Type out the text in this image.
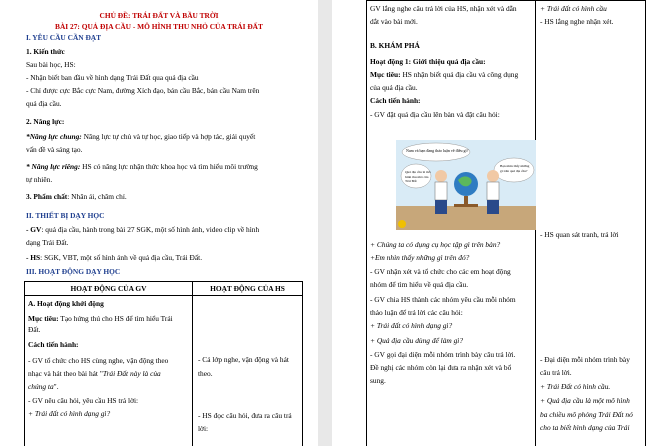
CHỦ ĐỀ: TRÁI ĐẤT VÀ BẦU TRỜI
BÀI 27: QUẢ ĐỊA CẦU - MÔ HÌNH THU NHỎ CỦA TRÁI ĐẤT
I. YÊU CẦU CẦN ĐẠT
1. Kiến thức
Sau bài học, HS:
- Nhận biết ban đầu về hình dạng Trái Đất qua quả địa cầu
- Chỉ được cực Bắc cực Nam, đường Xích đạo, bán cầu Bắc, bán cầu Nam trên
quả địa cầu.
2. Năng lực:
*Năng lực chung: Năng lực tự chủ và tự học, giao tiếp và hợp tác, giải quyết
vấn đề và sáng tạo.
* Năng lực riêng: HS có năng lực nhận thức khoa học và tìm hiểu môi trường
tự nhiên.
3. Phẩm chất: Nhân ái, chăm chỉ.
II. THIẾT BỊ DẠY HỌC
- GV: quả địa cầu, hành trong bài 27 SGK, một số hình ảnh, video clip về hình
dạng Trái Đất.
- HS: SGK, VBT, một số hình ảnh về quả địa cầu, Trái Đất.
III. HOẠT ĐỘNG DẠY HỌC
HOẠT ĐỘNG CỦA GV	HOẠT ĐỘNG CỦA HS
A. Hoạt động khởi động
Mục tiêu: Tạo hứng thú cho HS để tìm hiểu Trái
Đất.
Cách tiến hành:
- GV tổ chức cho HS cùng nghe, vận động theo
nhạc và hát theo bài hát "Trái Đất này là của
chúng ta".
- GV nêu câu hỏi, yêu cầu HS trả lời:
+ Trái đất có hình dạng gì?
- Cả lớp nghe, vận động và hát
theo.
- HS đọc câu hỏi, đưa ra câu trả
lời:
GV lắng nghe câu trả lời của HS, nhận xét và dẫn
dắt vào bài mới.
+ Trái đất có hình cầu
- HS lắng nghe nhận xét.
B. KHÁM PHÁ
Hoạt động 1: Giới thiệu quả địa cầu:
Mục tiêu: HS nhận biết quả địa cầu và công dụng
của quả địa cầu.
Cách tiến hành:
- GV đặt quả địa cầu lên bàn và đặt câu hỏi:
Nam và bạn đang thảo luận về điều gì?
Quả địa cầu là mô hình thu nhỏ của Trái Đất
Bạn nhìn thấy những gì trên quả địa cầu?
- HS quan sát tranh, trả lời
+ Chúng ta có dụng cụ học tập gì trên bàn?
+Em nhìn thấy những gì trên đó?
- GV nhận xét và tổ chức cho các em hoạt động
nhóm để tìm hiểu về quả địa cầu.
- GV chia HS thành các nhóm yêu cầu mỗi nhóm
thảo luận để trả lời các câu hỏi:
+ Trái đất có hình dạng gì?
+ Quả địa cầu dùng để làm gì?
- GV gọi đại diện mỗi nhóm trình bày câu trả lời.
Đề nghị các nhóm còn lại đưa ra nhận xét và bổ
sung.
- Đại diện mỗi nhóm trình bày
câu trả lời.
+ Trái Đất có hình cầu.
+ Quả địa cầu là một mô hình
ba chiều mô phỏng Trái Đất nó
cho ta biết hình dạng của Trái
